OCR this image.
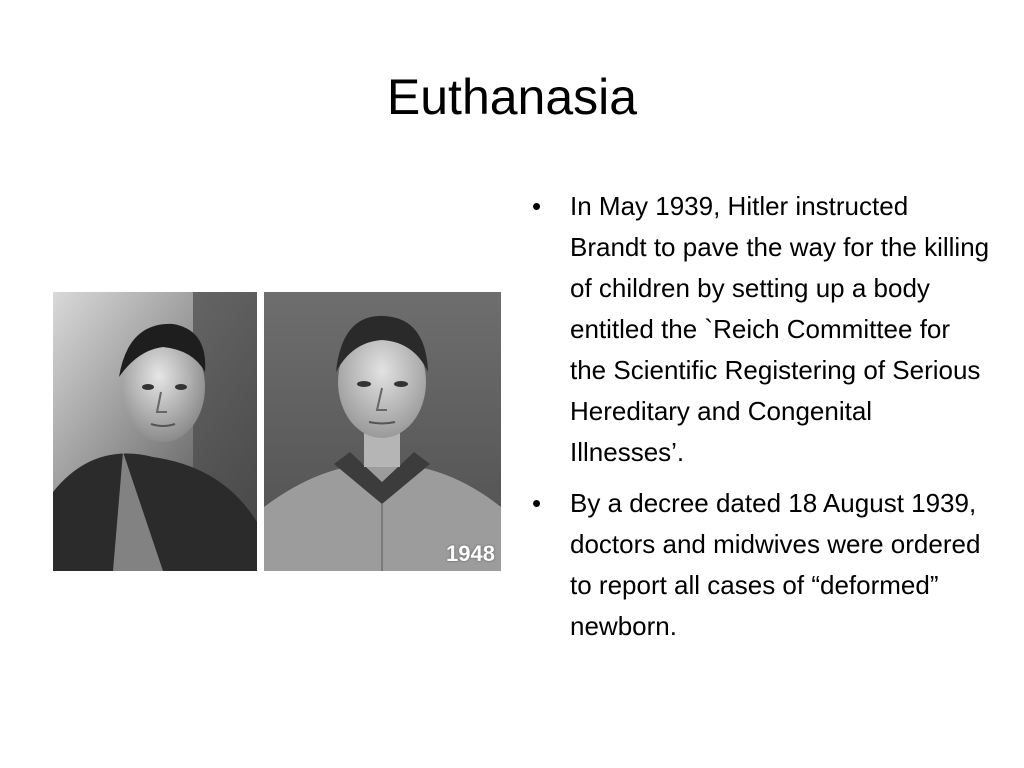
Euthanasia
1948
• In May 1939, Hitler instructed Brandt to pave the way for the killing of children by setting up a body entitled the `Reich Committee for the Scientific Registering of Serious Hereditary and Congenital Illnesses’.
• By a decree dated 18 August 1939, doctors and midwives were ordered to report all cases of “deformed” newborn.
